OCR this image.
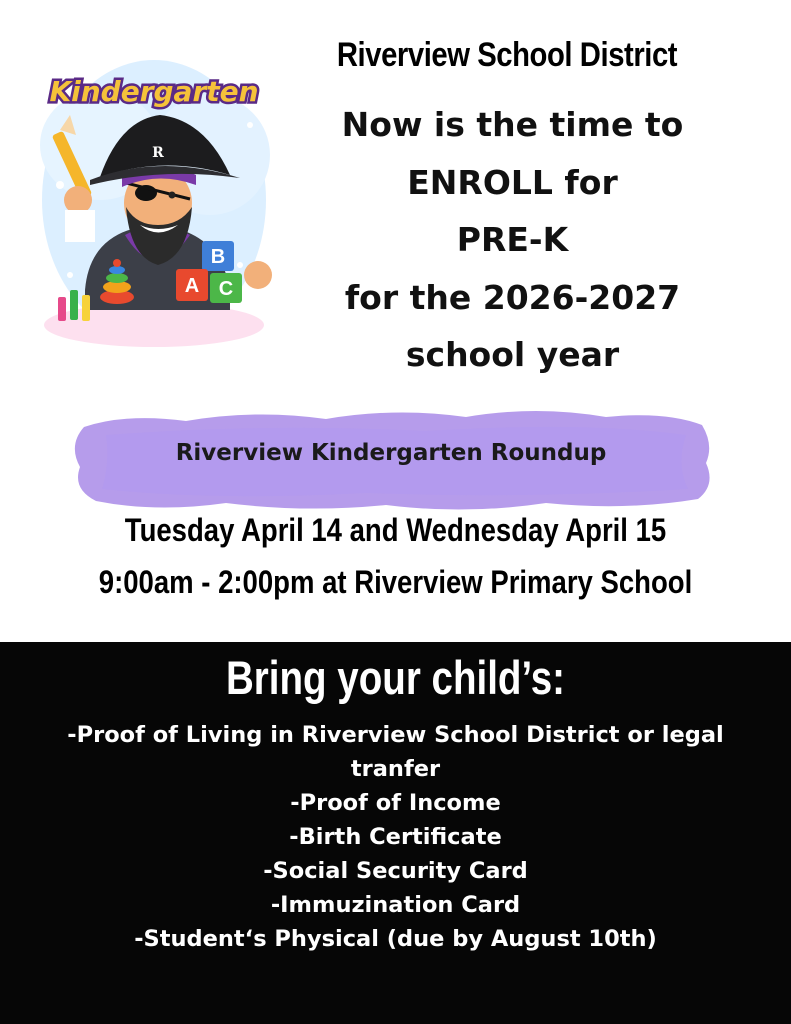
R
B
A C
Kindergarten
Riverview School District
Now is the time to
ENROLL for
PRE-K
for the 2026-2027
school year
Riverview Kindergarten Roundup
Tuesday April 14 and Wednesday April 15
9:00am - 2:00pm at Riverview Primary School
Bring your child’s:
-Proof of Living in Riverview School District or legal tranfer
-Proof of Income
-Birth Certificate
-Social Security Card
-Immuzination Card
-Student‘s Physical (due by August 10th)
